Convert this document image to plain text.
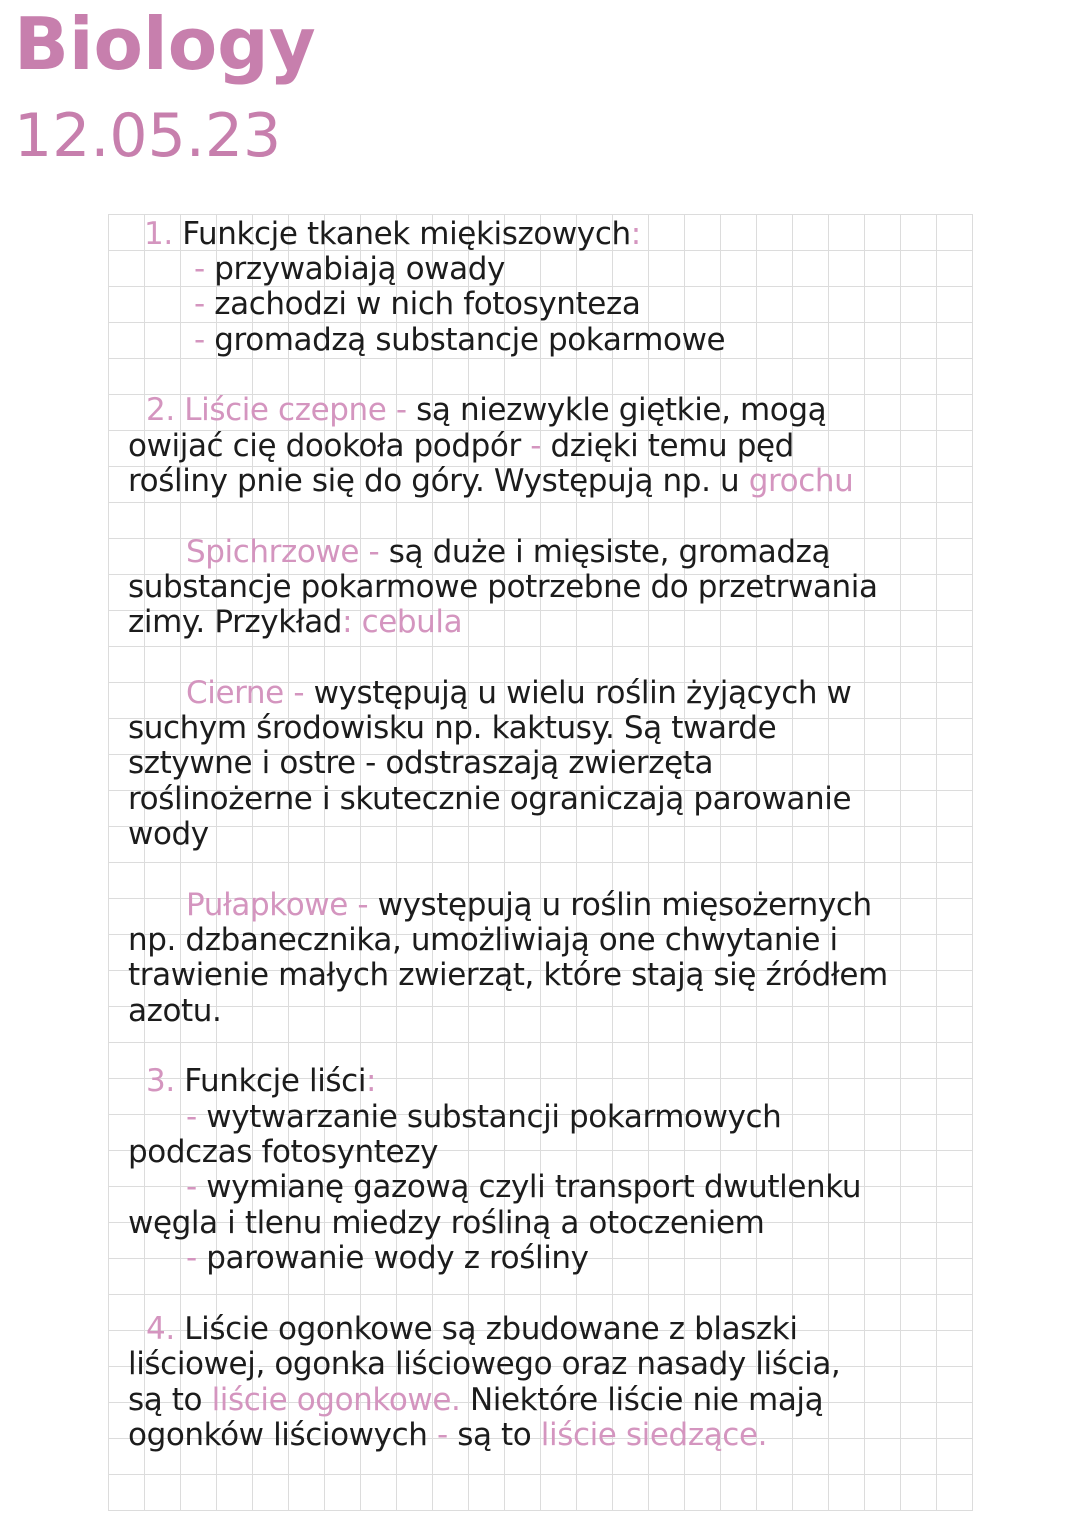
Biology
12.05.23
1. Funkcje tkanek miękiszowych:
- przywabiają owady
- zachodzi w nich fotosynteza
- gromadzą substancje pokarmowe
2. Liście czepne - są niezwykle giętkie, mogą
owijać cię dookoła podpór - dzięki temu pęd
rośliny pnie się do góry. Występują np. u grochu
Spichrzowe - są duże i mięsiste, gromadzą
substancje pokarmowe potrzebne do przetrwania
zimy. Przykład: cebula
Cierne - występują u wielu roślin żyjących w
suchym środowisku np. kaktusy. Są twarde
sztywne i ostre - odstraszają zwierzęta
roślinożerne i skutecznie ograniczają parowanie
wody
Pułapkowe - występują u roślin mięsożernych
np. dzbanecznika, umożliwiają one chwytanie i
trawienie małych zwierząt, które stają się źródłem
azotu.
3. Funkcje liści:
- wytwarzanie substancji pokarmowych
podczas fotosyntezy
- wymianę gazową czyli transport dwutlenku
węgla i tlenu miedzy rośliną a otoczeniem
- parowanie wody z rośliny
4. Liście ogonkowe są zbudowane z blaszki
liściowej, ogonka liściowego oraz nasady liścia,
są to liście ogonkowe. Niektóre liście nie mają
ogonków liściowych - są to liście siedzące.
